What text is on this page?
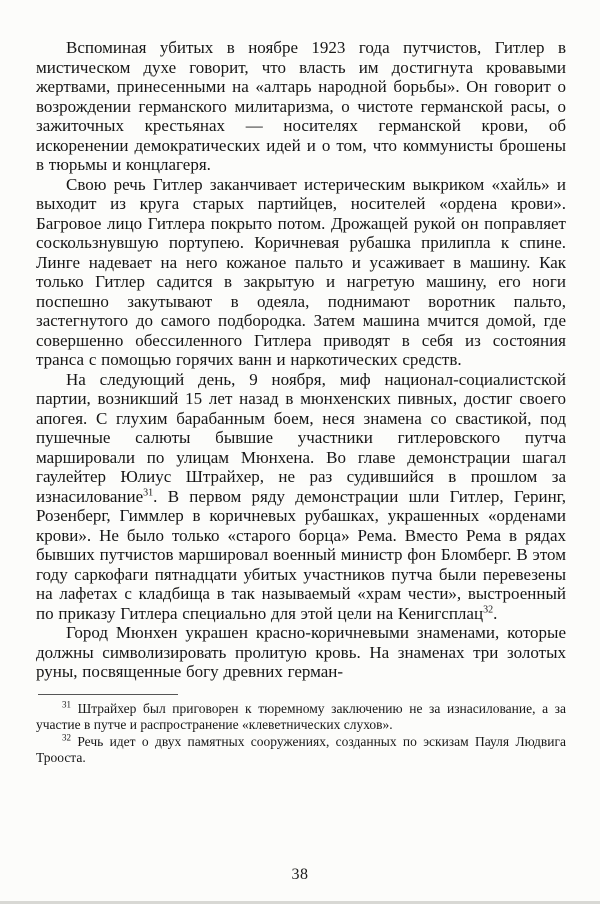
Вспоминая убитых в ноябре 1923 года путчистов, Гитлер в мистическом духе говорит, что власть им достигнута кровавыми жертвами, принесенными на «алтарь народной борьбы». Он говорит о возрождении германского милитаризма, о чистоте германской расы, о зажиточных крестьянах — носителях германской крови, об искоренении демократических идей и о том, что коммунисты брошены в тюрьмы и концлагеря.

Свою речь Гитлер заканчивает истерическим выкриком «хайль» и выходит из круга старых партийцев, носителей «ордена крови». Багровое лицо Гитлера покрыто потом. Дрожащей рукой он поправляет соскользнувшую портупею. Коричневая рубашка прилипла к спине. Линге надевает на него кожаное пальто и усаживает в машину. Как только Гитлер садится в закрытую и нагретую машину, его ноги поспешно закутывают в одеяла, поднимают воротник пальто, застегнутого до самого подбородка. Затем машина мчится домой, где совершенно обессиленного Гитлера приводят в себя из состояния транса с помощью горячих ванн и наркотических средств.

На следующий день, 9 ноября, миф национал-социалистской партии, возникший 15 лет назад в мюнхенских пивных, достиг своего апогея. С глухим барабанным боем, неся знамена со свастикой, под пушечные салюты бывшие участники гитлеровского путча маршировали по улицам Мюнхена. Во главе демонстрации шагал гаулейтер Юлиус Штрайхер, не раз судившийся в прошлом за изнасилование$^{31}$. В первом ряду демонстрации шли Гитлер, Геринг, Розенберг, Гиммлер в коричневых рубашках, украшенных «орденами крови». Не было только «старого борца» Рема. Вместо Рема в рядах бывших путчистов маршировал военный министр фон Бломберг. В этом году саркофаги пятнадцати убитых участников путча были перевезены на лафетах с кладбища в так называемый «храм чести», выстроенный по приказу Гитлера специально для этой цели на Кенигсплац$^{32}$.

Город Мюнхен украшен красно-коричневыми знаменами, которые должны символизировать пролитую кровь. На знаменах три золотых руны, посвященные богу древних герман-

$^{31}$ Штрайхер был приговорен к тюремному заключению не за изнасилование, а за участие в путче и распространение «клеветнических слухов».

$^{32}$ Речь идет о двух памятных сооружениях, созданных по эскизам Пауля Людвига Трооста.

38
